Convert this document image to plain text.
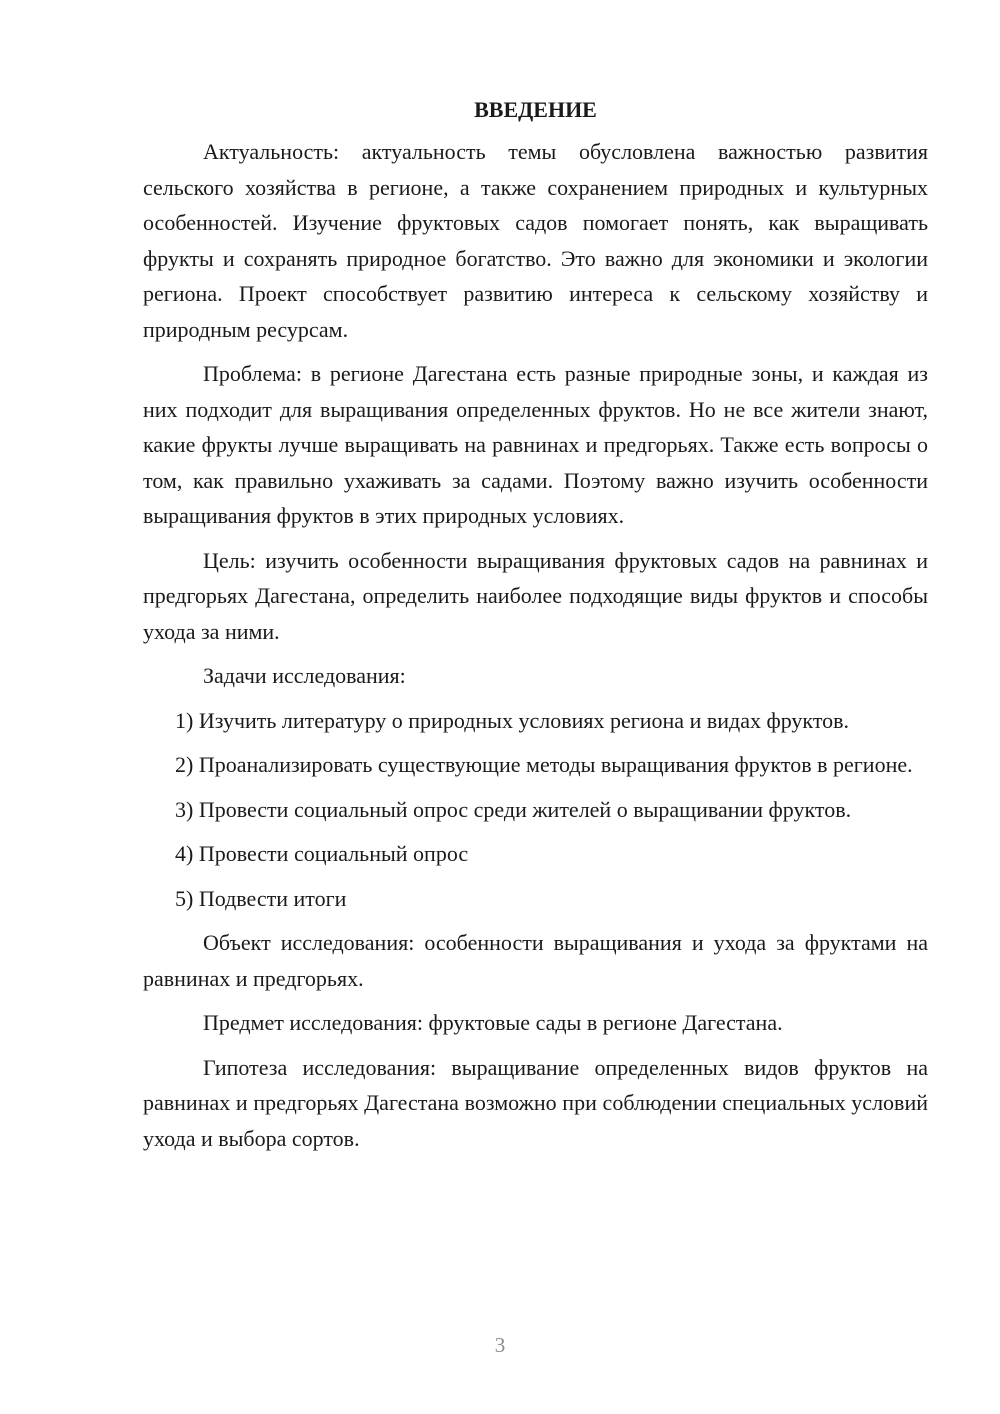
ВВЕДЕНИЕ

Актуальность: актуальность темы обусловлена важностью развития сельского хозяйства в регионе, а также сохранением природных и культурных особенностей. Изучение фруктовых садов помогает понять, как выращивать фрукты и сохранять природное богатство. Это важно для экономики и экологии региона. Проект способствует развитию интереса к сельскому хозяйству и природным ресурсам.

Проблема: в регионе Дагестана есть разные природные зоны, и каждая из них подходит для выращивания определенных фруктов. Но не все жители знают, какие фрукты лучше выращивать на равнинах и предгорьях. Также есть вопросы о том, как правильно ухаживать за садами. Поэтому важно изучить особенности выращивания фруктов в этих природных условиях.

Цель: изучить особенности выращивания фруктовых садов на равнинах и предгорьях Дагестана, определить наиболее подходящие виды фруктов и способы ухода за ними.

Задачи исследования:

1) Изучить литературу о природных условиях региона и видах фруктов.

2) Проанализировать существующие методы выращивания фруктов в регионе.

3) Провести социальный опрос среди жителей о выращивании фруктов.

4) Провести социальный опрос

5) Подвести итоги

Объект исследования: особенности выращивания и ухода за фруктами на равнинах и предгорьях.

Предмет исследования: фруктовые сады в регионе Дагестана.

Гипотеза исследования: выращивание определенных видов фруктов на равнинах и предгорьях Дагестана возможно при соблюдении специальных условий ухода и выбора сортов.

3
